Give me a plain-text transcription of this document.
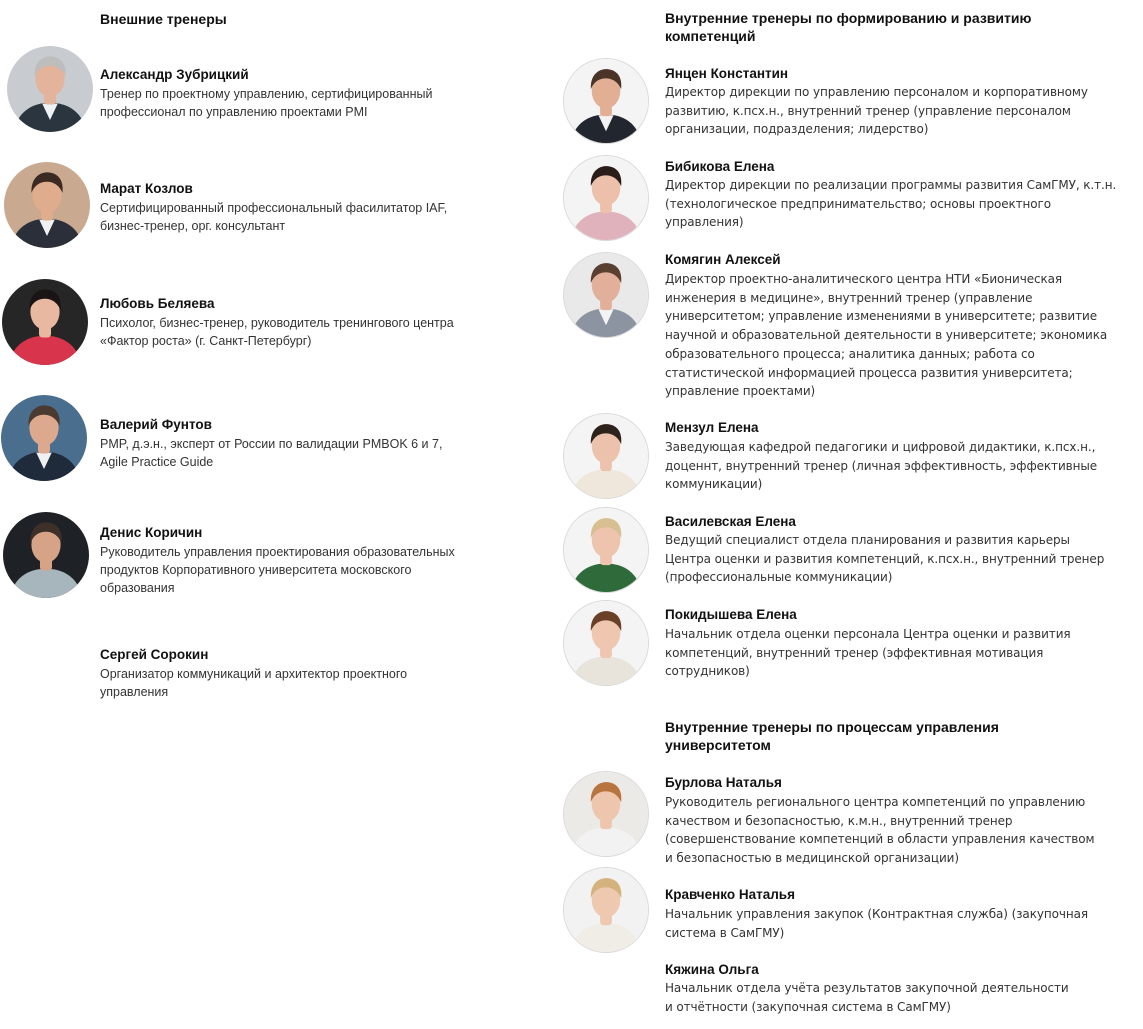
Внешние тренеры
Александр Зубрицкий
Тренер по проектному управлению, сертифицированный
профессионал по управлению проектами PMI
Марат Козлов
Сертифицированный профессиональный фасилитатор IAF,
бизнес-тренер, орг. консультант
Любовь Беляева
Психолог, бизнес-тренер, руководитель тренингового центра
«Фактор роста» (г. Санкт-Петербург)
Валерий Фунтов
PMP, д.э.н., эксперт от России по валидации PMBOK 6 и 7,
Agile Practice Guide
Денис Коричин
Руководитель управления проектирования образовательных
продуктов Корпоративного университета московского
образования
Сергей Сорокин
Организатор коммуникаций и архитектор проектного
управления
Внутренние тренеры по формированию и развитию
компетенций
Янцен Константин
Директор дирекции по управлению персоналом и корпоративному
развитию, к.псх.н., внутренний тренер (управление персоналом
организации, подразделения; лидерство)
Бибикова Елена
Директор дирекции по реализации программы развития СамГМУ, к.т.н.
(технологическое предпринимательство; основы проектного
управления)
Комягин Алексей
Директор проектно-аналитического центра НТИ «Бионическая
инженерия в медицине», внутренний тренер (управление
университетом; управление изменениями в университете; развитие
научной и образовательной деятельности в университете; экономика
образовательного процесса; аналитика данных; работа со
статистической информацией процесса развития университета;
управление проектами)
Мензул Елена
Заведующая кафедрой педагогики и цифровой дидактики, к.псх.н.,
доценнт, внутренний тренер (личная эффективность, эффективные
коммуникации)
Василевская Елена
Ведущий специалист отдела планирования и развития карьеры
Центра оценки и развития компетенций, к.псх.н., внутренний тренер
(профессиональные коммуникации)
Покидышева Елена
Начальник отдела оценки персонала Центра оценки и развития
компетенций, внутренний тренер (эффективная мотивация
сотрудников)
Внутренние тренеры по процессам управления
университетом
Бурлова Наталья
Руководитель регионального центра компетенций по управлению
качеством и безопасностью, к.м.н., внутренний тренер
(совершенствование компетенций в области управления качеством
и безопасностью в медицинской организации)
Кравченко Наталья
Начальник управления закупок (Контрактная служба) (закупочная
система в СамГМУ)
Кяжина Ольга
Начальник отдела учёта результатов закупочной деятельности
и отчётности (закупочная система в СамГМУ)
